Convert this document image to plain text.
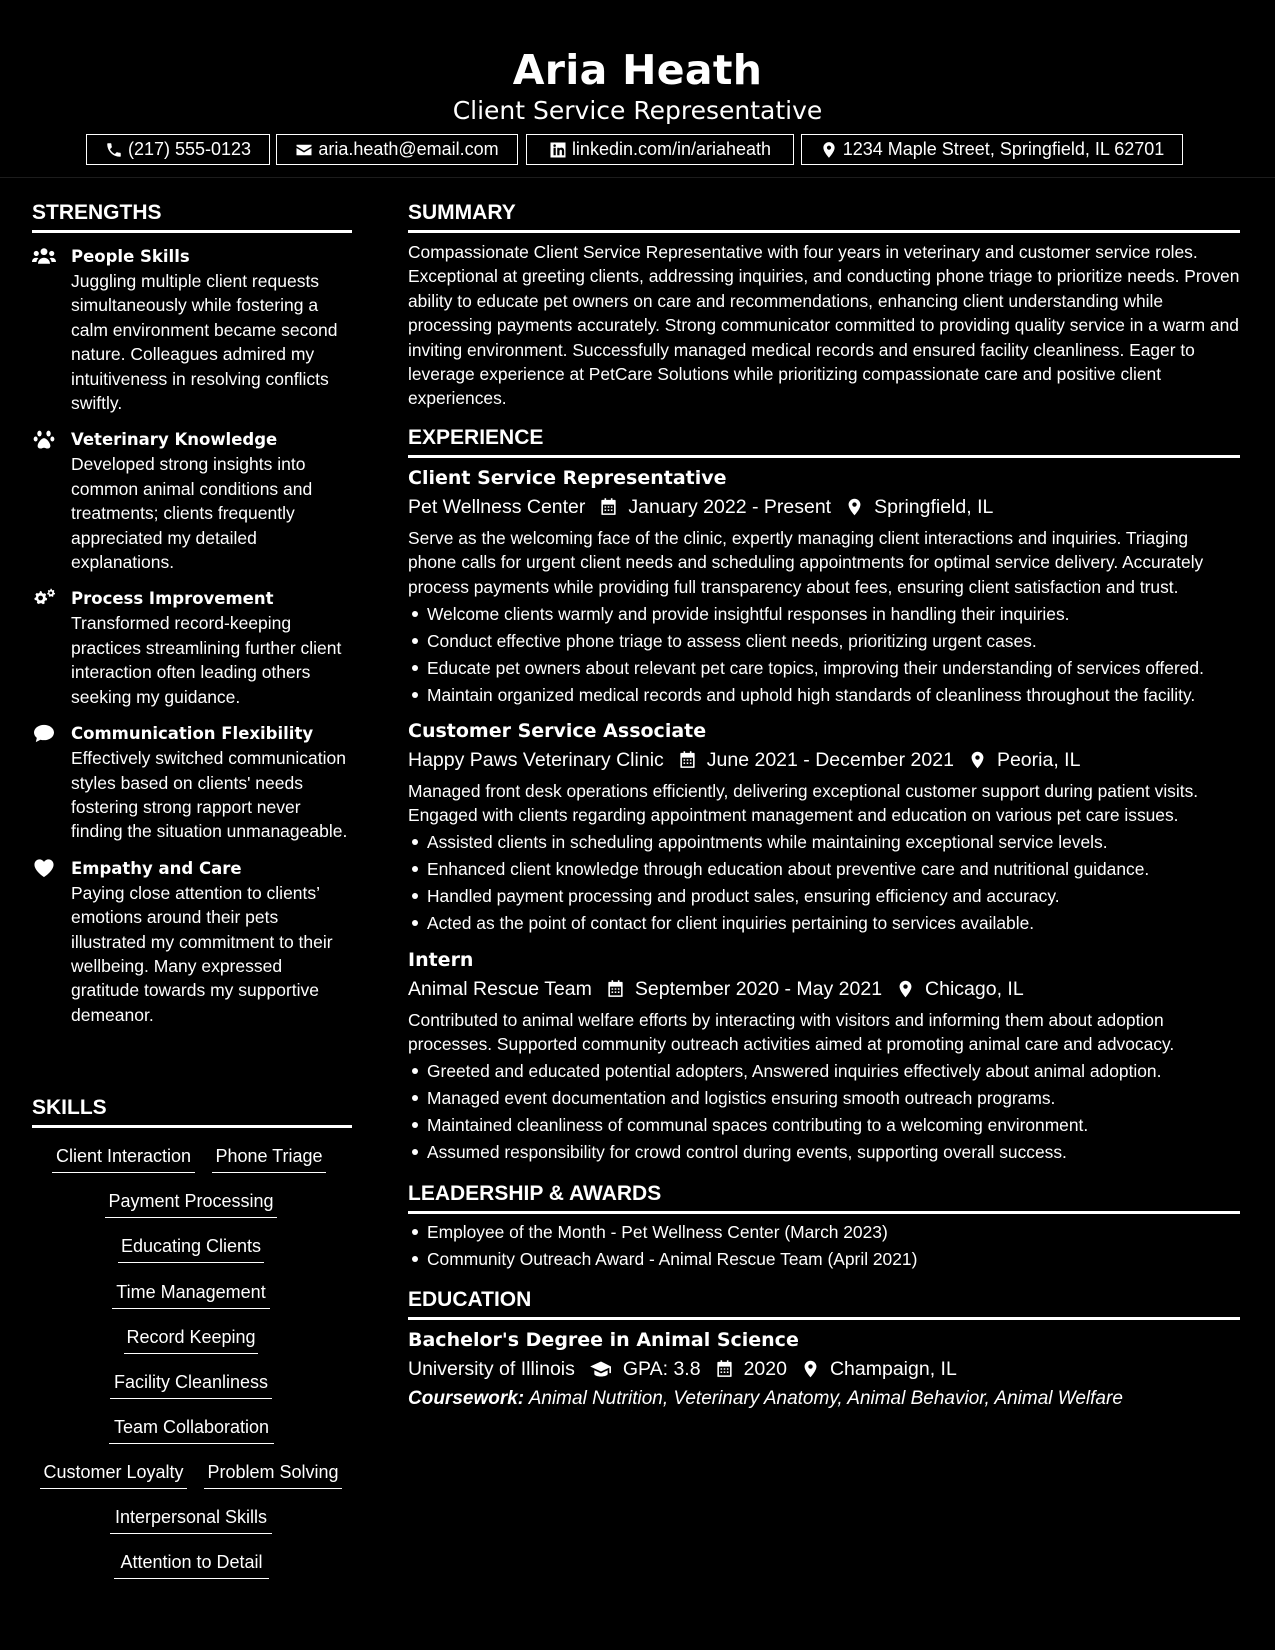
Aria Heath
Client Service Representative
(217) 555-0123	aria.heath@email.com	linkedin.com/in/ariaheath	1234 Maple Street, Springfield, IL 62701
STRENGTHS
People Skills
Juggling multiple client requests simultaneously while fostering a calm environment became second nature. Colleagues admired my intuitiveness in resolving conflicts swiftly.
Veterinary Knowledge
Developed strong insights into common animal conditions and treatments; clients frequently appreciated my detailed explanations.
Process Improvement
Transformed record-keeping practices streamlining further client interaction often leading others seeking my guidance.
Communication Flexibility
Effectively switched communication styles based on clients' needs fostering strong rapport never finding the situation unmanageable.
Empathy and Care
Paying close attention to clients’ emotions around their pets illustrated my commitment to their wellbeing. Many expressed gratitude towards my supportive demeanor.
SKILLS
Client Interaction Phone Triage
Payment Processing
Educating Clients
Time Management
Record Keeping
Facility Cleanliness
Team Collaboration
Customer Loyalty Problem Solving
Interpersonal Skills
Attention to Detail
SUMMARY
Compassionate Client Service Representative with four years in veterinary and customer service roles. Exceptional at greeting clients, addressing inquiries, and conducting phone triage to prioritize needs. Proven ability to educate pet owners on care and recommendations, enhancing client understanding while processing payments accurately. Strong communicator committed to providing quality service in a warm and inviting environment. Successfully managed medical records and ensured facility cleanliness. Eager to leverage experience at PetCare Solutions while prioritizing compassionate care and positive client experiences.
EXPERIENCE
Client Service Representative
Pet Wellness Center January 2022 - Present Springfield, IL
Serve as the welcoming face of the clinic, expertly managing client interactions and inquiries. Triaging phone calls for urgent client needs and scheduling appointments for optimal service delivery. Accurately process payments while providing full transparency about fees, ensuring client satisfaction and trust.
Welcome clients warmly and provide insightful responses in handling their inquiries.
Conduct effective phone triage to assess client needs, prioritizing urgent cases.
Educate pet owners about relevant pet care topics, improving their understanding of services offered.
Maintain organized medical records and uphold high standards of cleanliness throughout the facility.
Customer Service Associate
Happy Paws Veterinary Clinic June 2021 - December 2021 Peoria, IL
Managed front desk operations efficiently, delivering exceptional customer support during patient visits. Engaged with clients regarding appointment management and education on various pet care issues.
Assisted clients in scheduling appointments while maintaining exceptional service levels.
Enhanced client knowledge through education about preventive care and nutritional guidance.
Handled payment processing and product sales, ensuring efficiency and accuracy.
Acted as the point of contact for client inquiries pertaining to services available.
Intern
Animal Rescue Team September 2020 - May 2021 Chicago, IL
Contributed to animal welfare efforts by interacting with visitors and informing them about adoption processes. Supported community outreach activities aimed at promoting animal care and advocacy.
Greeted and educated potential adopters, Answered inquiries effectively about animal adoption.
Managed event documentation and logistics ensuring smooth outreach programs.
Maintained cleanliness of communal spaces contributing to a welcoming environment.
Assumed responsibility for crowd control during events, supporting overall success.
LEADERSHIP & AWARDS
Employee of the Month - Pet Wellness Center (March 2023)
Community Outreach Award - Animal Rescue Team (April 2021)
EDUCATION
Bachelor's Degree in Animal Science
University of Illinois GPA: 3.8 2020 Champaign, IL
Coursework: Animal Nutrition, Veterinary Anatomy, Animal Behavior, Animal Welfare
